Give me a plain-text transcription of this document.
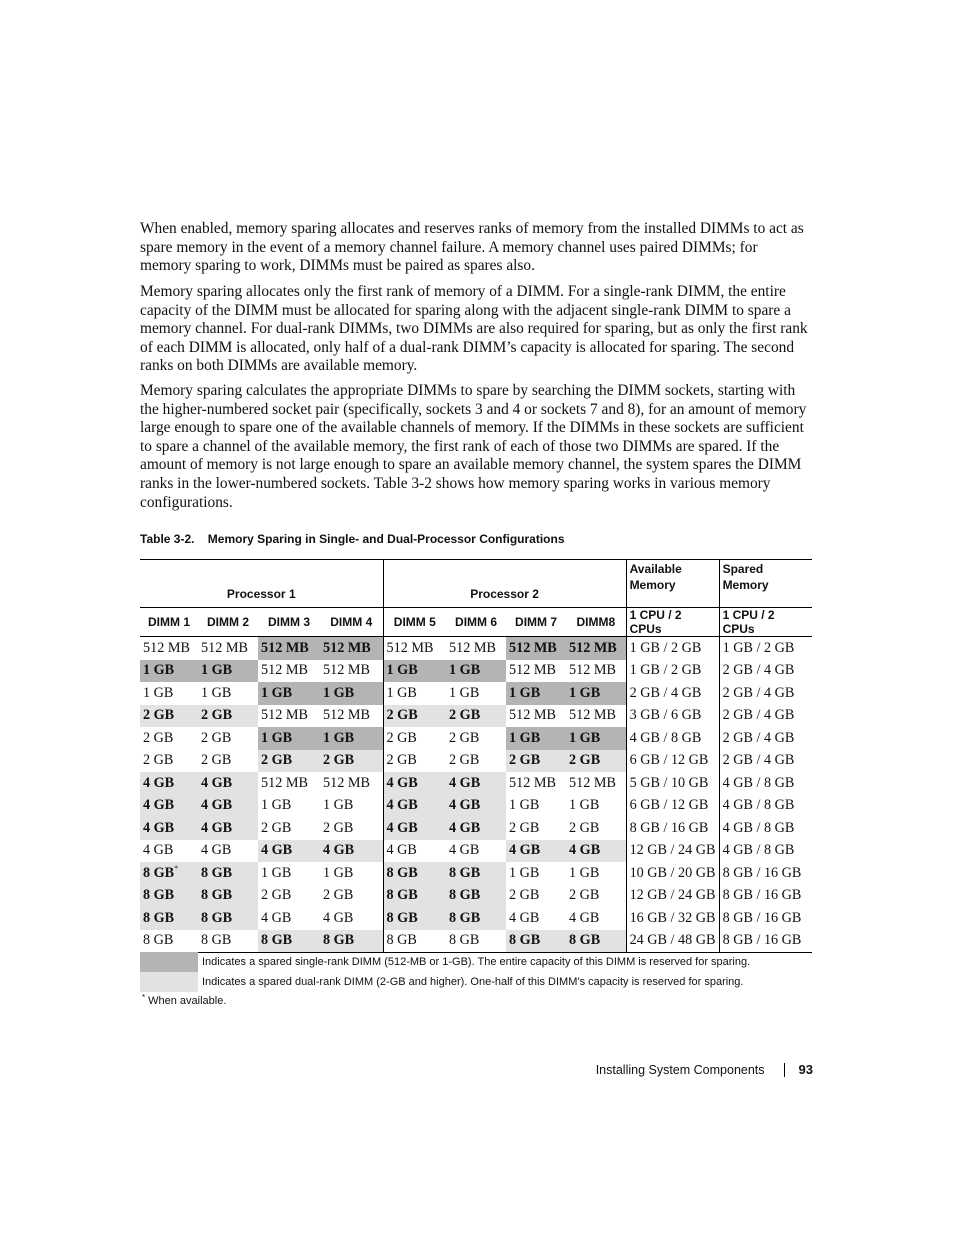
When enabled, memory sparing allocates and reserves ranks of memory from the installed DIMMs to act as spare memory in the event of a memory channel failure. A memory channel uses paired DIMMs; for memory sparing to work, DIMMs must be paired as spares also.

Memory sparing allocates only the first rank of memory of a DIMM. For a single-rank DIMM, the entire capacity of the DIMM must be allocated for sparing along with the adjacent single-rank DIMM to spare a memory channel. For dual-rank DIMMs, two DIMMs are also required for sparing, but as only the first rank of each DIMM is allocated, only half of a dual-rank DIMM’s capacity is allocated for sparing. The second ranks on both DIMMs are available memory.

Memory sparing calculates the appropriate DIMMs to spare by searching the DIMM sockets, starting with the higher-numbered socket pair (specifically, sockets 3 and 4 or sockets 7 and 8), for an amount of memory large enough to spare one of the available channels of memory. If the DIMMs in these sockets are sufficient to spare a channel of the available memory, the first rank of each of those two DIMMs are spared. If the amount of memory is not large enough to spare an available memory channel, the system spares the DIMM ranks in the lower-numbered sockets. Table 3-2 shows how memory sparing works in various memory configurations.

Table 3-2.    Memory Sparing in Single- and Dual-Processor Configurations
Processor 1				Processor 2				Available
Memory	Spared
Memory
DIMM 1	DIMM 2	DIMM 3	DIMM 4	DIMM 5	DIMM 6	DIMM 7	DIMM8	1 CPU / 2 CPUs	1 CPU / 2 CPUs
512 MB	512 MB	512 MB	512 MB	512 MB	512 MB	512 MB	512 MB	1 GB / 2 GB	1 GB / 2 GB
1 GB	1 GB	512 MB	512 MB	1 GB	1 GB	512 MB	512 MB	1 GB / 2 GB	2 GB / 4 GB
1 GB	1 GB	1 GB	1 GB	1 GB	1 GB	1 GB	1 GB	2 GB / 4 GB	2 GB / 4 GB
2 GB	2 GB	512 MB	512 MB	2 GB	2 GB	512 MB	512 MB	3 GB / 6 GB	2 GB / 4 GB
2 GB	2 GB	1 GB	1 GB	2 GB	2 GB	1 GB	1 GB	4 GB / 8 GB	2 GB / 4 GB
2 GB	2 GB	2 GB	2 GB	2 GB	2 GB	2 GB	2 GB	6 GB / 12 GB	2 GB / 4 GB
4 GB	4 GB	512 MB	512 MB	4 GB	4 GB	512 MB	512 MB	5 GB / 10 GB	4 GB / 8 GB
4 GB	4 GB	1 GB	1 GB	4 GB	4 GB	1 GB	1 GB	6 GB / 12 GB	4 GB / 8 GB
4 GB	4 GB	2 GB	2 GB	4 GB	4 GB	2 GB	2 GB	8 GB / 16 GB	4 GB / 8 GB
4 GB	4 GB	4 GB	4 GB	4 GB	4 GB	4 GB	4 GB	12 GB / 24 GB	4 GB / 8 GB
8 GB*	8 GB	1 GB	1 GB	8 GB	8 GB	1 GB	1 GB	10 GB / 20 GB	8 GB / 16 GB
8 GB	8 GB	2 GB	2 GB	8 GB	8 GB	2 GB	2 GB	12 GB / 24 GB	8 GB / 16 GB
8 GB	8 GB	4 GB	4 GB	8 GB	8 GB	4 GB	4 GB	16 GB / 32 GB	8 GB / 16 GB
8 GB	8 GB	8 GB	8 GB	8 GB	8 GB	8 GB	8 GB	24 GB / 48 GB	8 GB / 16 GB
Indicates a spared single-rank DIMM (512-MB or 1-GB). The entire capacity of this DIMM is reserved for sparing.
Indicates a spared dual-rank DIMM (2-GB and higher). One-half of this DIMM’s capacity is reserved for sparing.
* When available.
Installing System Components	93
